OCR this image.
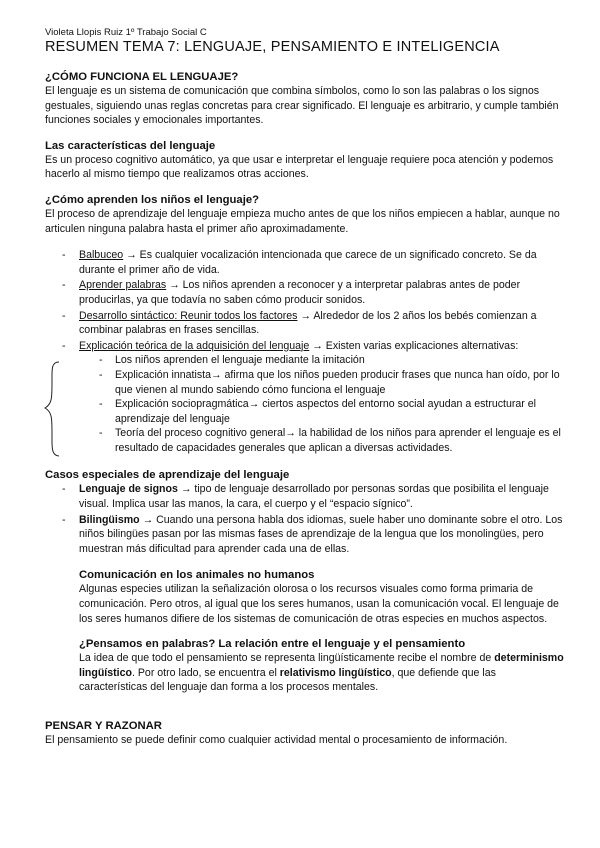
Violeta Llopis Ruiz 1º Trabajo Social C

RESUMEN TEMA 7: LENGUAJE, PENSAMIENTO E INTELIGENCIA
¿CÓMO FUNCIONA EL LENGUAJE?

El lenguaje es un sistema de comunicación que combina símbolos, como lo son las palabras o los signos gestuales, siguiendo unas reglas concretas para crear significado. El lenguaje es arbitrario, y cumple también funciones sociales y emocionales importantes.

Las características del lenguaje

Es un proceso cognitivo automático, ya que usar e interpretar el lenguaje requiere poca atención y podemos hacerlo al mismo tiempo que realizamos otras acciones.

¿Cómo aprenden los niños el lenguaje?

El proceso de aprendizaje del lenguaje empieza mucho antes de que los niños empiecen a hablar, aunque no articulen ninguna palabra hasta el primer año aproximadamente.

- Balbuceo → Es cualquier vocalización intencionada que carece de un significado concreto. Se da durante el primer año de vida.
- Aprender palabras → Los niños aprenden a reconocer y a interpretar palabras antes de poder producirlas, ya que todavía no saben cómo producir sonidos.
- Desarrollo sintáctico: Reunir todos los factores → Alrededor de los 2 años los bebés comienzan a combinar palabras en frases sencillas.
- Explicación teórica de la adquisición del lenguaje → Existen varias explicaciones alternativas:
- Los niños aprenden el lenguaje mediante la imitación
- Explicación innatista→ afirma que los niños pueden producir frases que nunca han oído, por lo que vienen al mundo sabiendo cómo funciona el lenguaje
- Explicación sociopragmática→ ciertos aspectos del entorno social ayudan a estructurar el aprendizaje del lenguaje
- Teoría del proceso cognitivo general→ la habilidad de los niños para aprender el lenguaje es el resultado de capacidades generales que aplican a diversas actividades.
Casos especiales de aprendizaje del lenguaje
- Lenguaje de signos → tipo de lenguaje desarrollado por personas sordas que posibilita el lenguaje visual. Implica usar las manos, la cara, el cuerpo y el “espacio sígnico”.
- Bilingüismo → Cuando una persona habla dos idiomas, suele haber uno dominante sobre el otro. Los niños bilingües pasan por las mismas fases de aprendizaje de la lengua que los monolingües, pero muestran más dificultad para aprender cada una de ellas.
Comunicación en los animales no humanos

Algunas especies utilizan la señalización olorosa o los recursos visuales como forma primaria de comunicación. Pero otros, al igual que los seres humanos, usan la comunicación vocal. El lenguaje de los seres humanos difiere de los sistemas de comunicación de otras especies en muchos aspectos.

¿Pensamos en palabras? La relación entre el lenguaje y el pensamiento

La idea de que todo el pensamiento se representa lingüísticamente recibe el nombre de determinismo lingüístico. Por otro lado, se encuentra el relativismo lingüístico, que defiende que las características del lenguaje dan forma a los procesos mentales.

PENSAR Y RAZONAR

El pensamiento se puede definir como cualquier actividad mental o procesamiento de información.
